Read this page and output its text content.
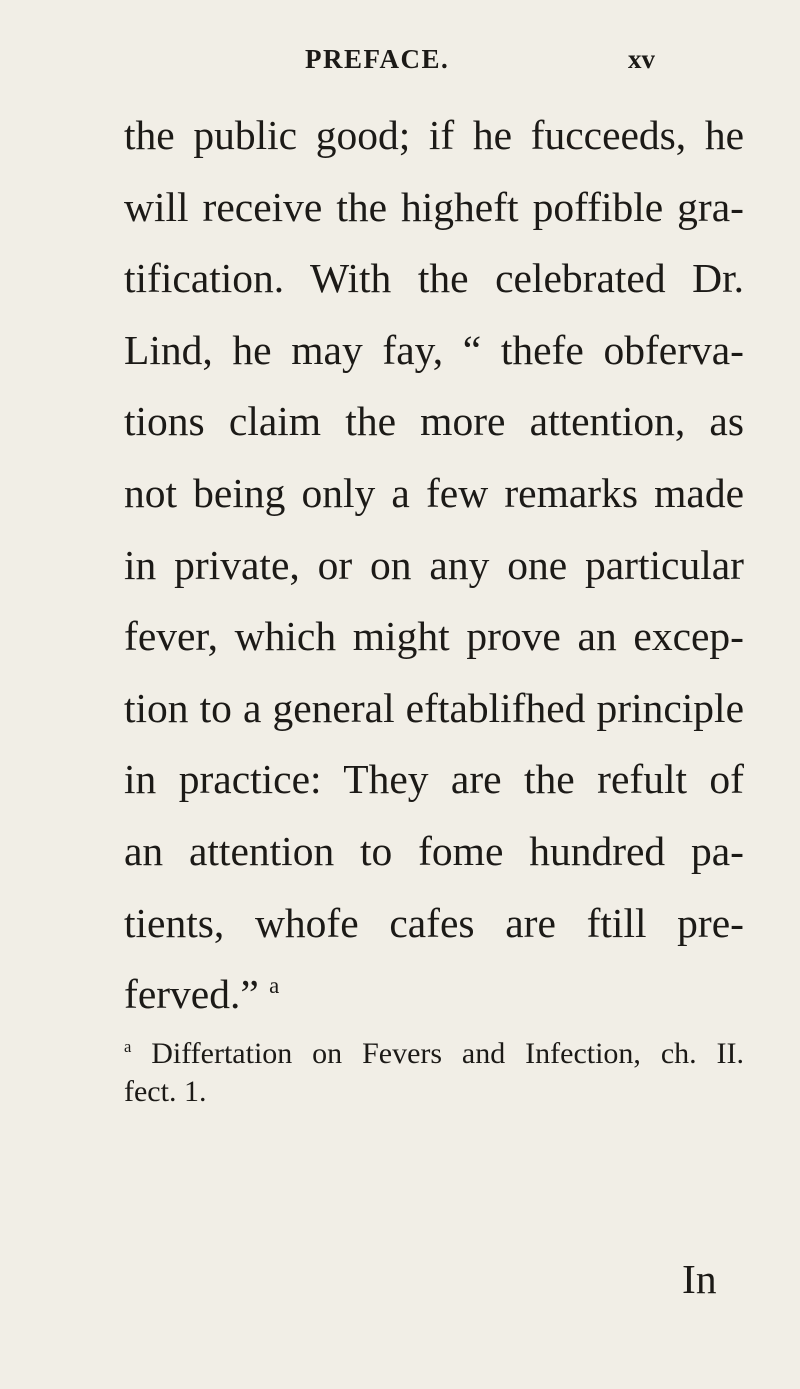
PREFACE.	xv
the public good; if he fucceeds, he
will receive the higheft poffible gra-
tification. With the celebrated Dr.
Lind, he may fay, “ thefe obferva-
tions claim the more attention, as
not being only a few remarks made
in private, or on any one particular
fever, which might prove an excep-
tion to a general eftablifhed principle
in practice: They are the refult of
an attention to fome hundred pa-
tients, whofe cafes are ftill pre-
ferved.” $^a$
$^a$ Differtation on Fevers and Infection, ch. II.
fect. 1.
In
